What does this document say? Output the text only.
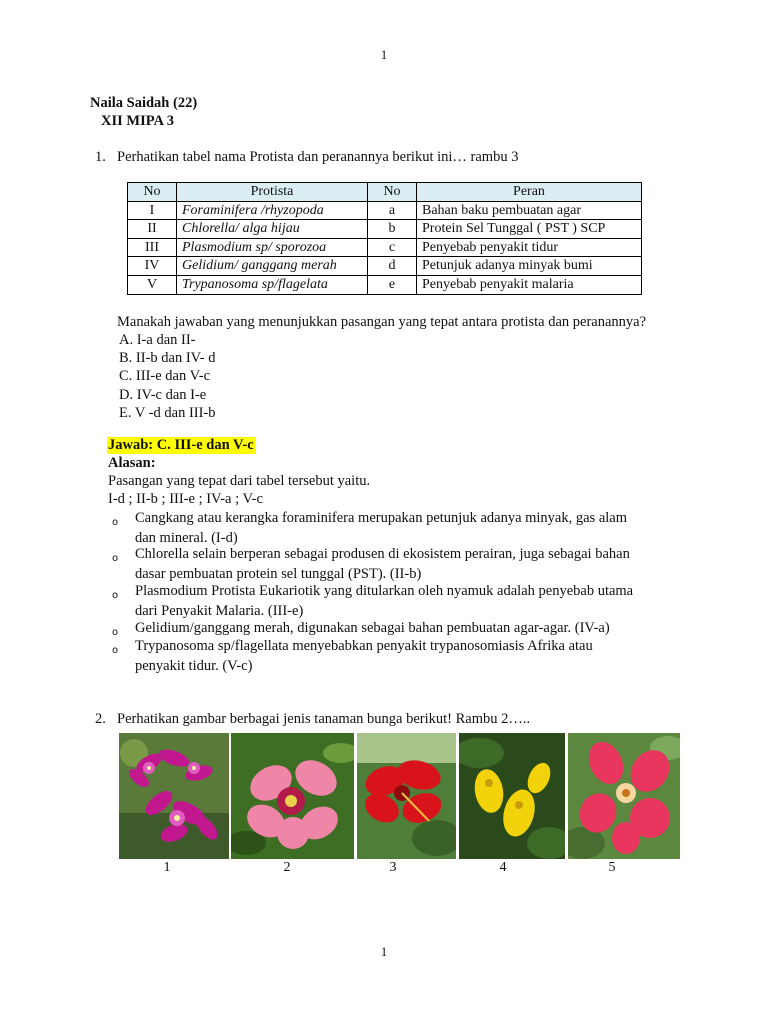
1
Naila Saidah (22)
XII MIPA 3
1. Perhatikan tabel nama Protista dan peranannya berikut ini… rambu 3
No	Protista	No	Peran
I	Foraminifera /rhyzopoda	a	Bahan baku pembuatan agar
II	Chlorella/ alga hijau	b	Protein Sel Tunggal ( PST ) SCP
III	Plasmodium sp/ sporozoa	c	Penyebab penyakit tidur
IV	Gelidium/ ganggang merah	d	Petunjuk adanya minyak bumi
V	Trypanosoma sp/flagelata	e	Penyebab penyakit malaria
Manakah jawaban yang menunjukkan pasangan yang tepat antara protista dan peranannya?
A. I-a dan II-
B. II-b dan IV- d
C. III-e dan V-c
D. IV-c dan I-e
E. V -d dan III-b
Jawab: C. III-e dan V-c
Alasan:
Pasangan yang tepat dari tabel tersebut yaitu.
I-d ; II-b ; III-e ; IV-a ; V-c
o Cangkang atau kerangka foraminifera merupakan petunjuk adanya minyak, gas alam
dan mineral. (I-d)
o Chlorella selain berperan sebagai produsen di ekosistem perairan, juga sebagai bahan
dasar pembuatan protein sel tunggal (PST). (II-b)
o Plasmodium Protista Eukariotik yang ditularkan oleh nyamuk adalah penyebab utama
dari Penyakit Malaria. (III-e)
o Gelidium/ganggang merah, digunakan sebagai bahan pembuatan agar-agar. (IV-a)
o Trypanosoma sp/flagellata menyebabkan penyakit trypanosomiasis Afrika atau
penyakit tidur. (V-c)
2. Perhatikan gambar berbagai jenis tanaman bunga berikut! Rambu 2…..
1	2	3	4	5
1
